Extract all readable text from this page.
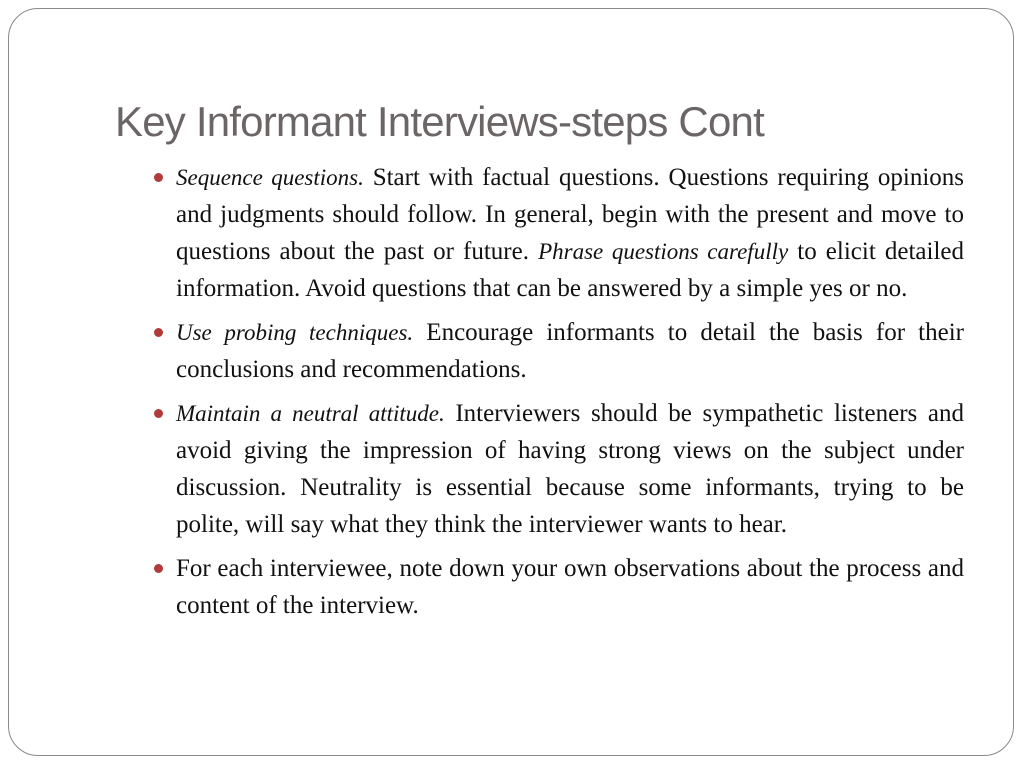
Key Informant Interviews-steps Cont
Sequence questions. Start with factual questions. Questions requiring opinions and judgments should follow. In general, begin with the present and move to questions about the past or future. Phrase questions carefully to elicit detailed information. Avoid questions that can be answered by a simple yes or no.
Use probing techniques. Encourage informants to detail the basis for their conclusions and recommendations.
Maintain a neutral attitude. Interviewers should be sympathetic listeners and avoid giving the impression of having strong views on the subject under discussion. Neutrality is essential because some informants, trying to be polite, will say what they think the interviewer wants to hear.
For each interviewee, note down your own observations about the process and content of the interview.
